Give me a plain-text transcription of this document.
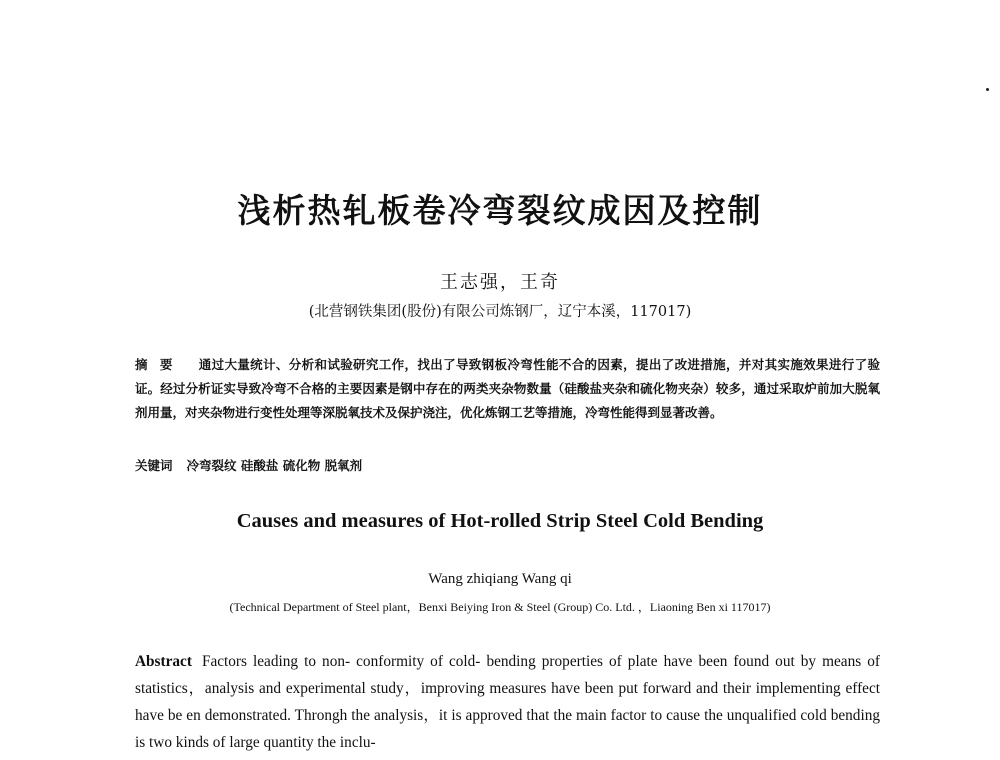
浅析热轧板卷冷弯裂纹成因及控制
王志强，王奇
(北营钢铁集团(股份)有限公司炼钢厂，辽宁本溪，117017)
摘要 通过大量统计、分析和试验研究工作，找出了导致钢板冷弯性能不合的因素，提出了改进措施，并对其实施效果进行了验证。经过分析证实导致冷弯不合格的主要因素是钢中存在的两类夹杂物数量（硅酸盐夹杂和硫化物夹杂）较多，通过采取炉前加大脱氧剂用量，对夹杂物进行变性处理等深脱氧技术及保护浇注，优化炼钢工艺等措施，冷弯性能得到显著改善。
关键词 冷弯裂纹 硅酸盐 硫化物 脱氧剂
Causes and measures of Hot-rolled Strip Steel Cold Bending
Wang zhiqiang Wang qi
(Technical Department of Steel plant，Benxi Beiying Iron & Steel (Group) Co. Ltd. ，Liaoning Ben xi 117017)
Abstract Factors leading to non- conformity of cold- bending properties of plate have been found out by means of statistics，analysis and experimental study，improving measures have been put forward and their implementing effect have be en demonstrated. Throngh the analysis，it is approved that the main factor to cause the unqualified cold bending is two kinds of large quantity the inclu-
